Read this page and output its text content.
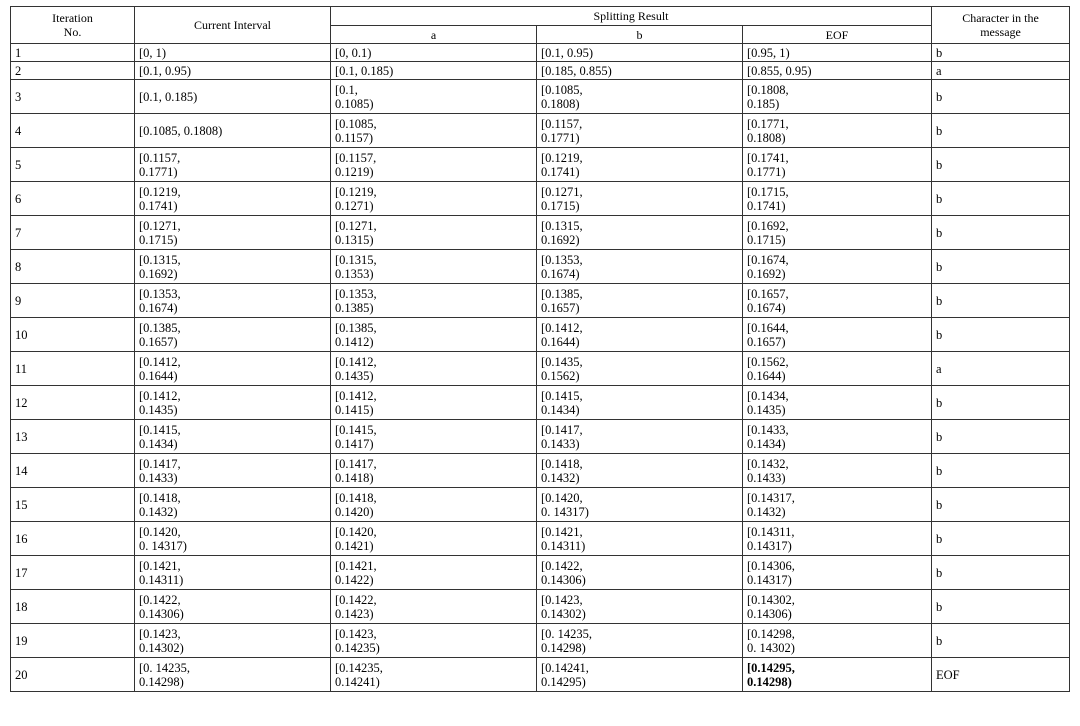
Iteration
No.	Current Interval	Splitting Result			Character in the
message
		a	b	EOF	

1	[0, 1)	[0, 0.1)	[0.1, 0.95)	[0.95, 1)	b

2	[0.1, 0.95)	[0.1, 0.185)	[0.185, 0.855)	[0.855, 0.95)	a

3	[0.1, 0.185)	[0.1,
0.1085)	[0.1085,
0.1808)	[0.1808,
0.185)	b

4	[0.1085, 0.1808)	[0.1085,
0.1157)	[0.1157,
0.1771)	[0.1771,
0.1808)	b

5	[0.1157,
0.1771)	[0.1157,
0.1219)	[0.1219,
0.1741)	[0.1741,
0.1771)	b

6	[0.1219,
0.1741)	[0.1219,
0.1271)	[0.1271,
0.1715)	[0.1715,
0.1741)	b

7	[0.1271,
0.1715)	[0.1271,
0.1315)	[0.1315,
0.1692)	[0.1692,
0.1715)	b

8	[0.1315,
0.1692)	[0.1315,
0.1353)	[0.1353,
0.1674)	[0.1674,
0.1692)	b

9	[0.1353,
0.1674)	[0.1353,
0.1385)	[0.1385,
0.1657)	[0.1657,
0.1674)	b

10	[0.1385,
0.1657)	[0.1385,
0.1412)	[0.1412,
0.1644)	[0.1644,
0.1657)	b

11	[0.1412,
0.1644)	[0.1412,
0.1435)	[0.1435,
0.1562)	[0.1562,
0.1644)	a

12	[0.1412,
0.1435)	[0.1412,
0.1415)	[0.1415,
0.1434)	[0.1434,
0.1435)	b

13	[0.1415,
0.1434)	[0.1415,
0.1417)	[0.1417,
0.1433)	[0.1433,
0.1434)	b

14	[0.1417,
0.1433)	[0.1417,
0.1418)	[0.1418,
0.1432)	[0.1432,
0.1433)	b

15	[0.1418,
0.1432)	[0.1418,
0.1420)	[0.1420,
0. 14317)	[0.14317,
0.1432)	b

16	[0.1420,
0. 14317)	[0.1420,
0.1421)	[0.1421,
0.14311)	[0.14311,
0.14317)	b

17	[0.1421,
0.14311)	[0.1421,
0.1422)	[0.1422,
0.14306)	[0.14306,
0.14317)	b

18	[0.1422,
0.14306)	[0.1422,
0.1423)	[0.1423,
0.14302)	[0.14302,
0.14306)	b

19	[0.1423,
0.14302)	[0.1423,
0.14235)	[0. 14235,
0.14298)	[0.14298,
0. 14302)	b

20	[0. 14235,
0.14298)	[0.14235,
0.14241)	[0.14241,
0.14295)	[0.14295,
0.14298)	EOF
